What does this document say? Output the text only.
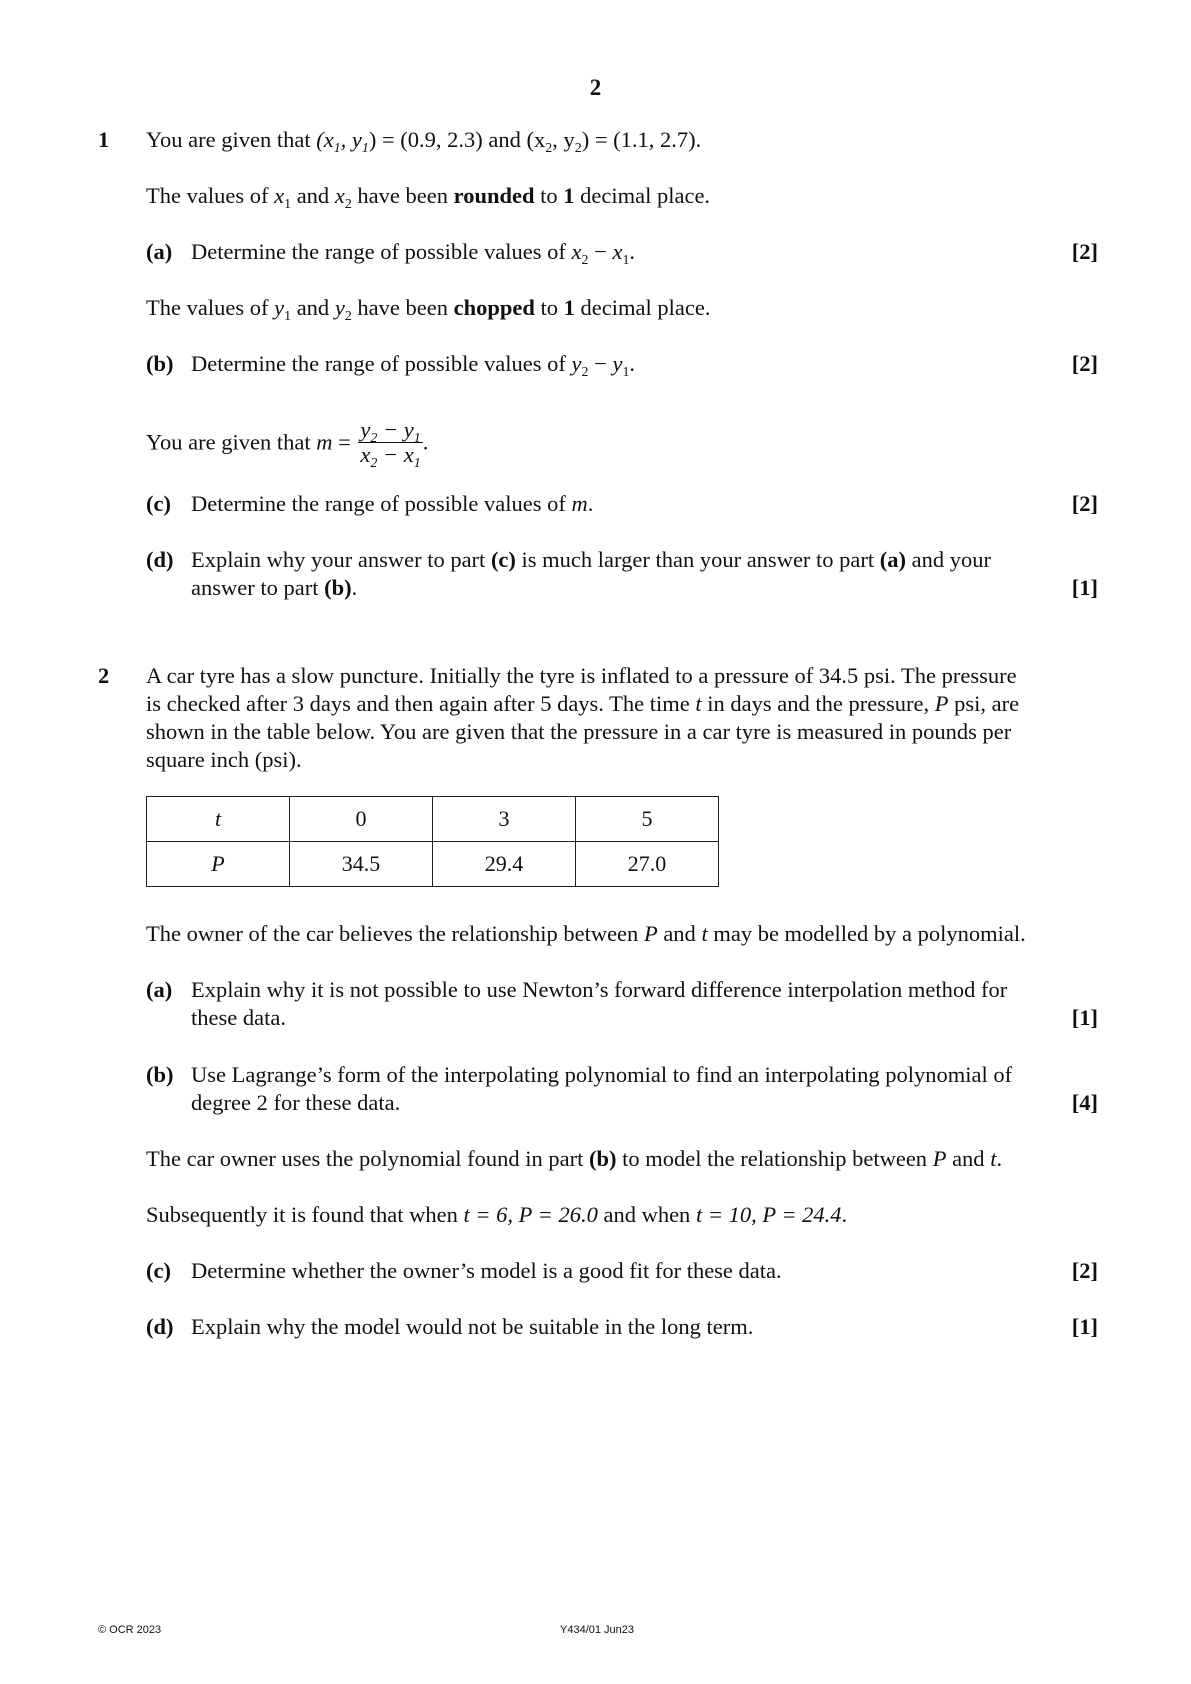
2
1 You are given that ($x_1$, $y_1) = (0.9$, 2.3) and ($x_2$, $y_2) = (1.1$, 2.7).
The values of $x_1$ and $x_2$ have been rounded to 1 decimal place.
(a) Determine the range of possible values of $x_2 - x_1$.	[2]
The values of $y_1$ and $y_2$ have been chopped to 1 decimal place.
(b) Determine the range of possible values of $y_2 - y_1$.	[2]
You are given that $m = \frac{y_2 - y_1}{x_2 - x_1}$ .
(c) Determine the range of possible values of m.	[2]
(d) Explain why your answer to part (c) is much larger than your answer to part (a) and your
answer to part (b).	[1]
2 A car tyre has a slow puncture. Initially the tyre is inflated to a pressure of 34.5 psi. The pressure
is checked after 3 days and then again after 5 days. The time t in days and the pressure, P psi, are
shown in the table below. You are given that the pressure in a car tyre is measured in pounds per
square inch (psi).
t	0	3	5
P	34.5	29.4	27.0
The owner of the car believes the relationship between P and t may be modelled by a polynomial.
(a) Explain why it is not possible to use Newton’s forward difference interpolation method for
these data.	[1]
(b) Use Lagrange’s form of the interpolating polynomial to find an interpolating polynomial of
degree 2 for these data.	[4]
The car owner uses the polynomial found in part (b) to model the relationship between P and t.
Subsequently it is found that when t = 6, P = 26.0 and when t = 10, P = 24.4.
(c) Determine whether the owner’s model is a good fit for these data.	[2]
(d) Explain why the model would not be suitable in the long term.	[1]
© OCR 2023	Y434/01 Jun23
